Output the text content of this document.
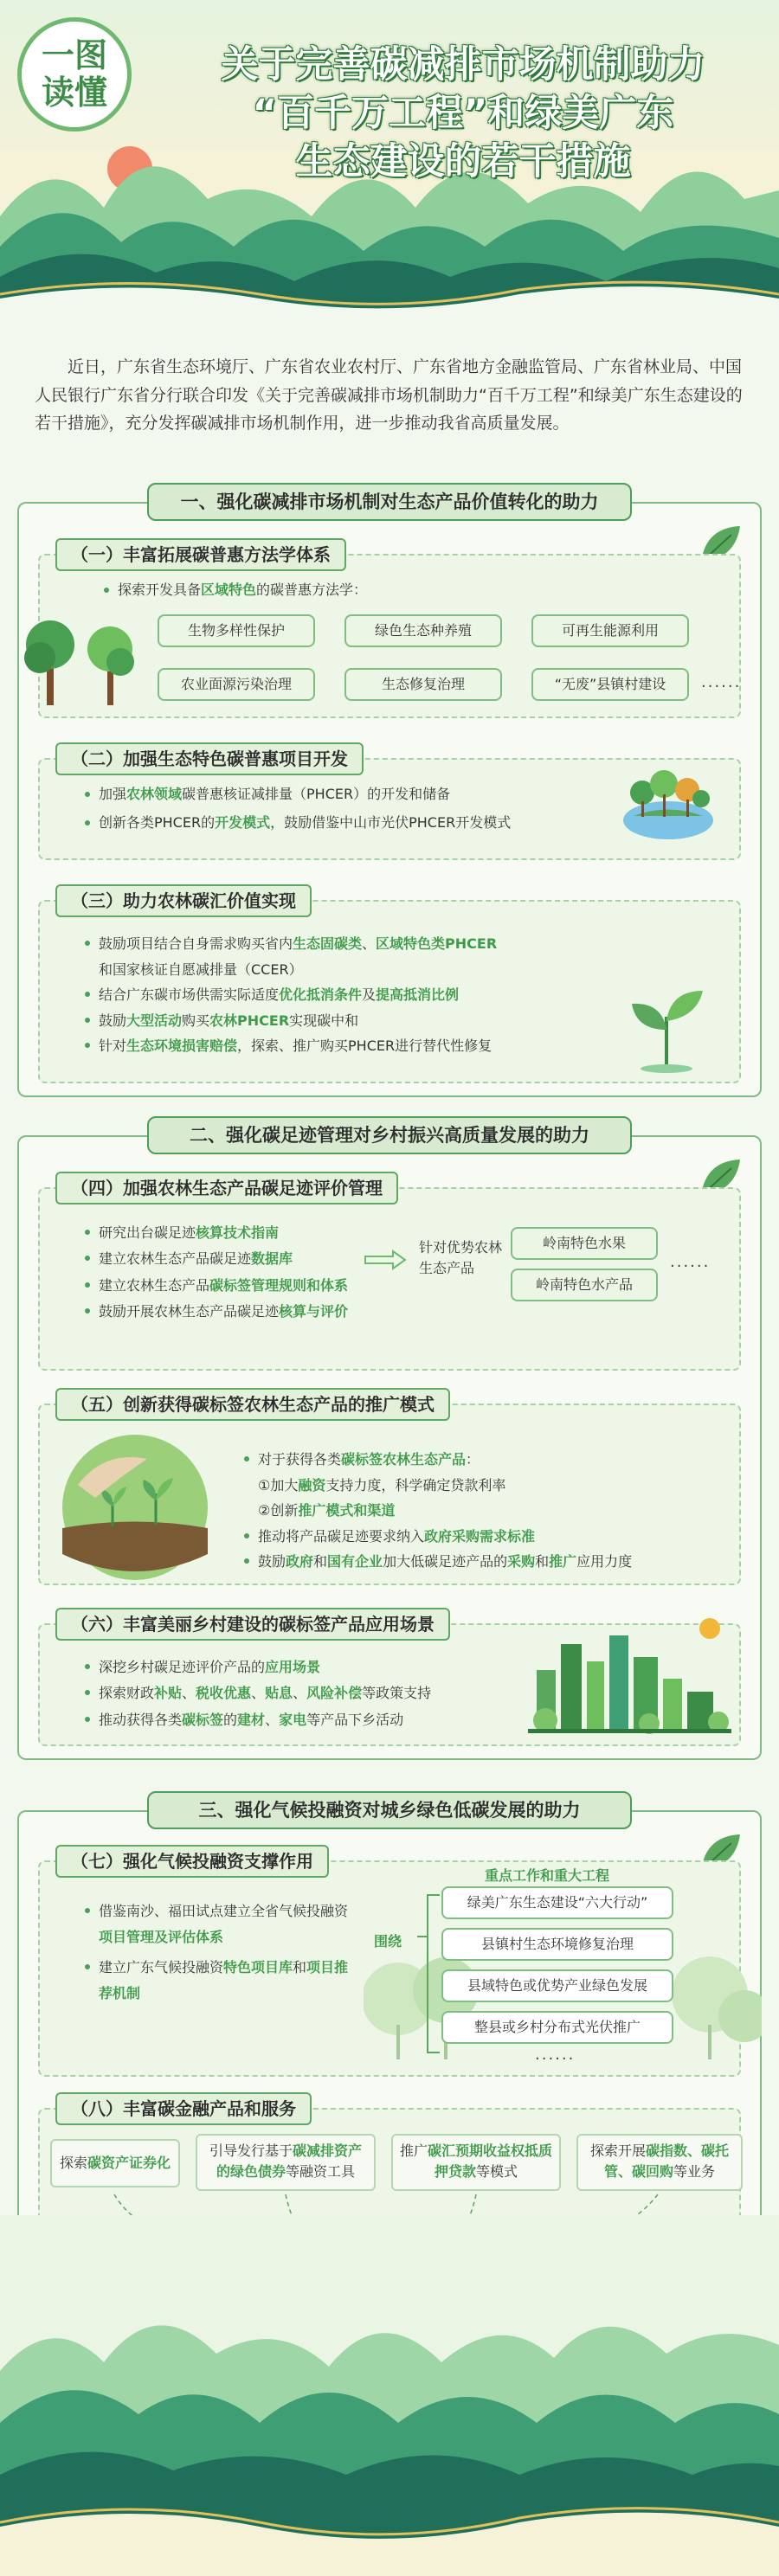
一图
读懂
关于完善碳减排市场机制助力
“百千万工程”和绿美广东
生态建设的若干措施

近日，广东省生态环境厅、广东省农业农村厅、广东省地方金融监管局、广东省林业局、中国人民银行广东省分行联合印发《关于完善碳减排市场机制助力“百千万工程”和绿美广东生态建设的若干措施》，充分发挥碳减排市场机制作用，进一步推动我省高质量发展。

一、强化碳减排市场机制对生态产品价值转化的助力
（一）丰富拓展碳普惠方法学体系
探索开发具备区域特色的碳普惠方法学：
生物多样性保护	绿色生态种养殖	可再生能源利用
农业面源污染治理	生态修复治理	“无废”县镇村建设	......
（二）加强生态特色碳普惠项目开发
加强农林领域碳普惠核证减排量（PHCER）的开发和储备
创新各类PHCER的开发模式，鼓励借鉴中山市光伏PHCER开发模式
（三）助力农林碳汇价值实现
鼓励项目结合自身需求购买省内生态固碳类、区域特色类PHCER
和国家核证自愿减排量（CCER）
结合广东碳市场供需实际适度优化抵消条件及提高抵消比例
鼓励大型活动购买农林PHCER实现碳中和
针对生态环境损害赔偿，探索、推广购买PHCER进行替代性修复
二、强化碳足迹管理对乡村振兴高质量发展的助力
（四）加强农林生态产品碳足迹评价管理
研究出台碳足迹核算技术指南
建立农林生态产品碳足迹数据库
建立农林生态产品碳标签管理规则和体系
鼓励开展农林生态产品碳足迹核算与评价
针对优势农林生态产品
岭南特色水果
岭南特色水产品
......
（五）创新获得碳标签农林生态产品的推广模式
对于获得各类碳标签农林生态产品：
①加大融资支持力度，科学确定贷款利率
②创新推广模式和渠道
推动将产品碳足迹要求纳入政府采购需求标准
鼓励政府和国有企业加大低碳足迹产品的采购和推广应用力度
（六）丰富美丽乡村建设的碳标签产品应用场景
深挖乡村碳足迹评价产品的应用场景
探索财政补贴、税收优惠、贴息、风险补偿等政策支持
推动获得各类碳标签的建材、家电等产品下乡活动
三、强化气候投融资对城乡绿色低碳发展的助力
（七）强化气候投融资支撑作用
借鉴南沙、福田试点建立全省气候投融资项目管理及评估体系
建立广东气候投融资特色项目库和项目推荐机制
围绕
重点工作和重大工程
绿美广东生态建设“六大行动”
县镇村生态环境修复治理
县域特色或优势产业绿色发展
整县或乡村分布式光伏推广
......
（八）丰富碳金融产品和服务
探索碳资产证券化
引导发行基于碳减排资产的绿色债券等融资工具
推广碳汇预期收益权抵质押贷款等模式
探索开展碳指数、碳托管、碳回购等业务
